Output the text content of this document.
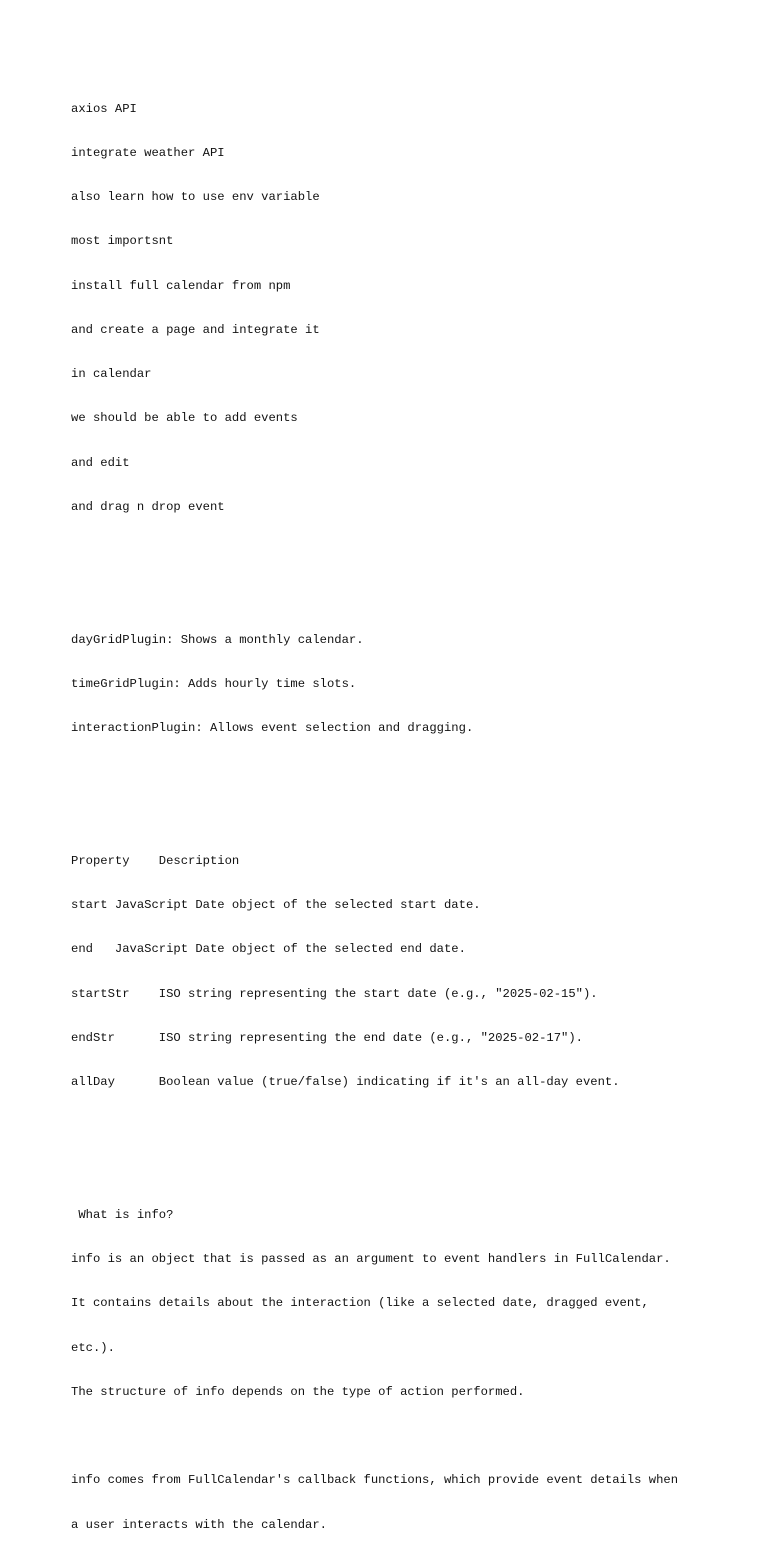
axios API

integrate weather API

also learn how to use env variable

most importsnt

install full calendar from npm

and create a page and integrate it

in calendar

we should be able to add events

and edit

and drag n drop event

dayGridPlugin: Shows a monthly calendar.

timeGridPlugin: Adds hourly time slots.

interactionPlugin: Allows event selection and dragging.

Property    Description

start JavaScript Date object of the selected start date.

end   JavaScript Date object of the selected end date.

startStr    ISO string representing the start date (e.g., "2025-02-15").

endStr      ISO string representing the end date (e.g., "2025-02-17").

allDay      Boolean value (true/false) indicating if it's an all-day event.

What is info?

info is an object that is passed as an argument to event handlers in FullCalendar.

It contains details about the interaction (like a selected date, dragged event,

etc.).

The structure of info depends on the type of action performed.

info comes from FullCalendar's callback functions, which provide event details when

a user interacts with the calendar.
